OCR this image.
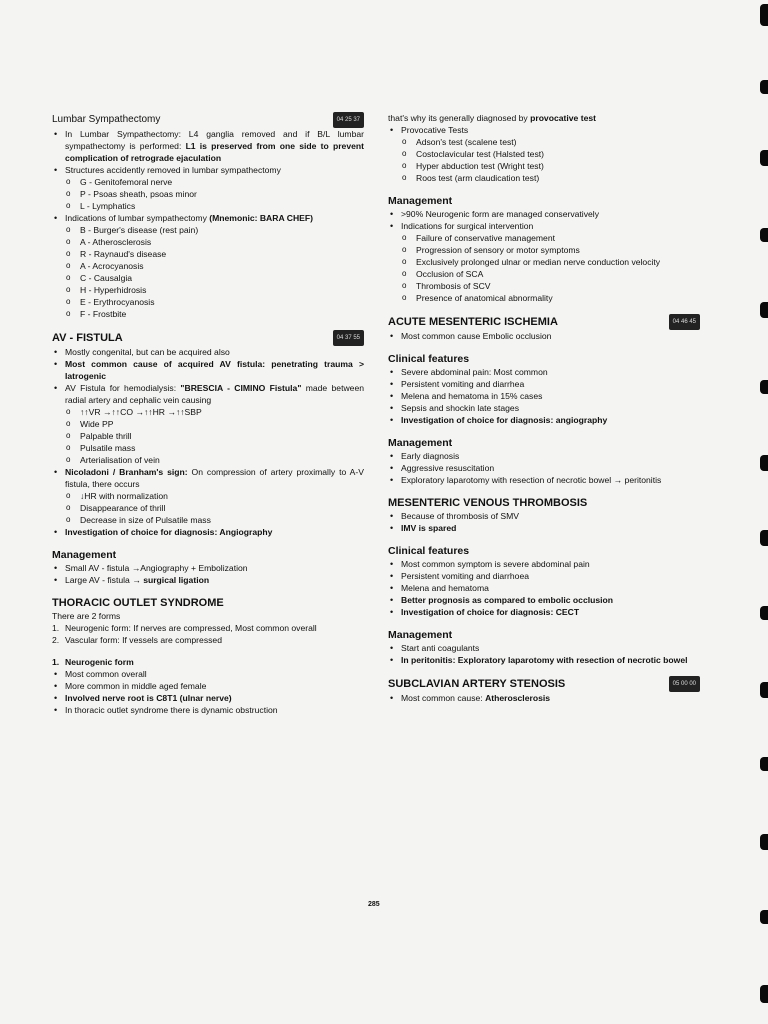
Lumbar Sympathectomy	04 25 37
• In Lumbar Sympathectomy: L4 ganglia removed and if B/L lumbar sympathectomy is performed: L1 is preserved from one side to prevent complication of retrograde ejaculation
• Structures accidently removed in lumbar sympathectomy
o G - Genitofemoral nerve
o P - Psoas sheath, psoas minor
o L - Lymphatics
• Indications of lumbar sympathectomy (Mnemonic: BARA CHEF)
o B - Burger's disease (rest pain)
o A - Atherosclerosis
o R - Raynaud's disease
o A - Acrocyanosis
o C - Causalgia
o H - Hyperhidrosis
o E - Erythrocyanosis
o F - Frostbite
AV - FISTULA	04 37 55
• Mostly congenital, but can be acquired also
• Most common cause of acquired AV fistula: penetrating trauma > Iatrogenic
• AV Fistula for hemodialysis: "BRESCIA - CIMINO Fistula" made between radial artery and cephalic vein causing
o ↑↑VR →↑↑CO →↑↑HR →↑↑SBP
o Wide PP
o Palpable thrill
o Pulsatile mass
o Arterialisation of vein
• Nicoladoni / Branham's sign: On compression of artery proximally to A-V fistula, there occurs
o ↓HR with normalization
o Disappearance of thrill
o Decrease in size of Pulsatile mass
• Investigation of choice for diagnosis: Angiography
Management
• Small AV - fistula →Angiography + Embolization
• Large AV - fistula → surgical ligation
THORACIC OUTLET SYNDROME
There are 2 forms
1. Neurogenic form: If nerves are compressed, Most common overall
2. Vascular form: If vessels are compressed
1. Neurogenic form
• Most common overall
• More common in middle aged female
• Involved nerve root is C8T1 (ulnar nerve)
• In thoracic outlet syndrome there is dynamic obstruction
that's why its generally diagnosed by provocative test
• Provocative Tests
o Adson's test (scalene test)
o Costoclavicular test (Halsted test)
o Hyper abduction test (Wright test)
o Roos test (arm claudication test)
Management
• >90% Neurogenic form are managed conservatively
• Indications for surgical intervention
o Failure of conservative management
o Progression of sensory or motor symptoms
o Exclusively prolonged ulnar or median nerve conduction velocity
o Occlusion of SCA
o Thrombosis of SCV
o Presence of anatomical abnormality
ACUTE MESENTERIC ISCHEMIA	04 46 45
• Most common cause Embolic occlusion
Clinical features
• Severe abdominal pain: Most common
• Persistent vomiting and diarrhea
• Melena and hematoma in 15% cases
• Sepsis and shockin late stages
• Investigation of choice for diagnosis: angiography
Management
• Early diagnosis
• Aggressive resuscitation
• Exploratory laparotomy with resection of necrotic bowel → peritonitis
MESENTERIC VENOUS THROMBOSIS
• Because of thrombosis of SMV
• IMV is spared
Clinical features
• Most common symptom is severe abdominal pain
• Persistent vomiting and diarrhoea
• Melena and hematoma
• Better prognosis as compared to embolic occlusion
• Investigation of choice for diagnosis: CECT
Management
• Start anti coagulants
• In peritonitis: Exploratory laparotomy with resection of necrotic bowel
SUBCLAVIAN ARTERY STENOSIS	05 00 00
• Most common cause: Atherosclerosis
285
